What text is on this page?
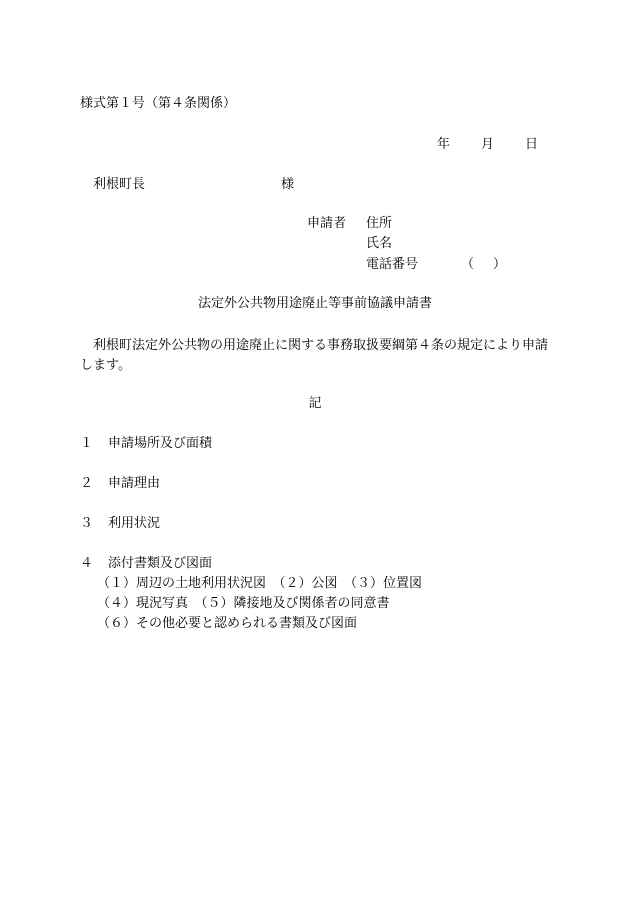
様式第１号（第４条関係）
年 月 日
利根町長	様
申請者 住所
氏名
電話番号	（ ）
法定外公共物用途廃止等事前協議申請書
利根町法定外公共物の用途廃止に関する事務取扱要綱第４条の規定により申請します。
記
１ 申請場所及び面積
２ 申請理由
３ 利用状況
４ 添付書類及び図面
（１）周辺の土地利用状況図　（２）公図　（３）位置図
（４）現況写真　（５）隣接地及び関係者の同意書
（６）その他必要と認められる書類及び図面
